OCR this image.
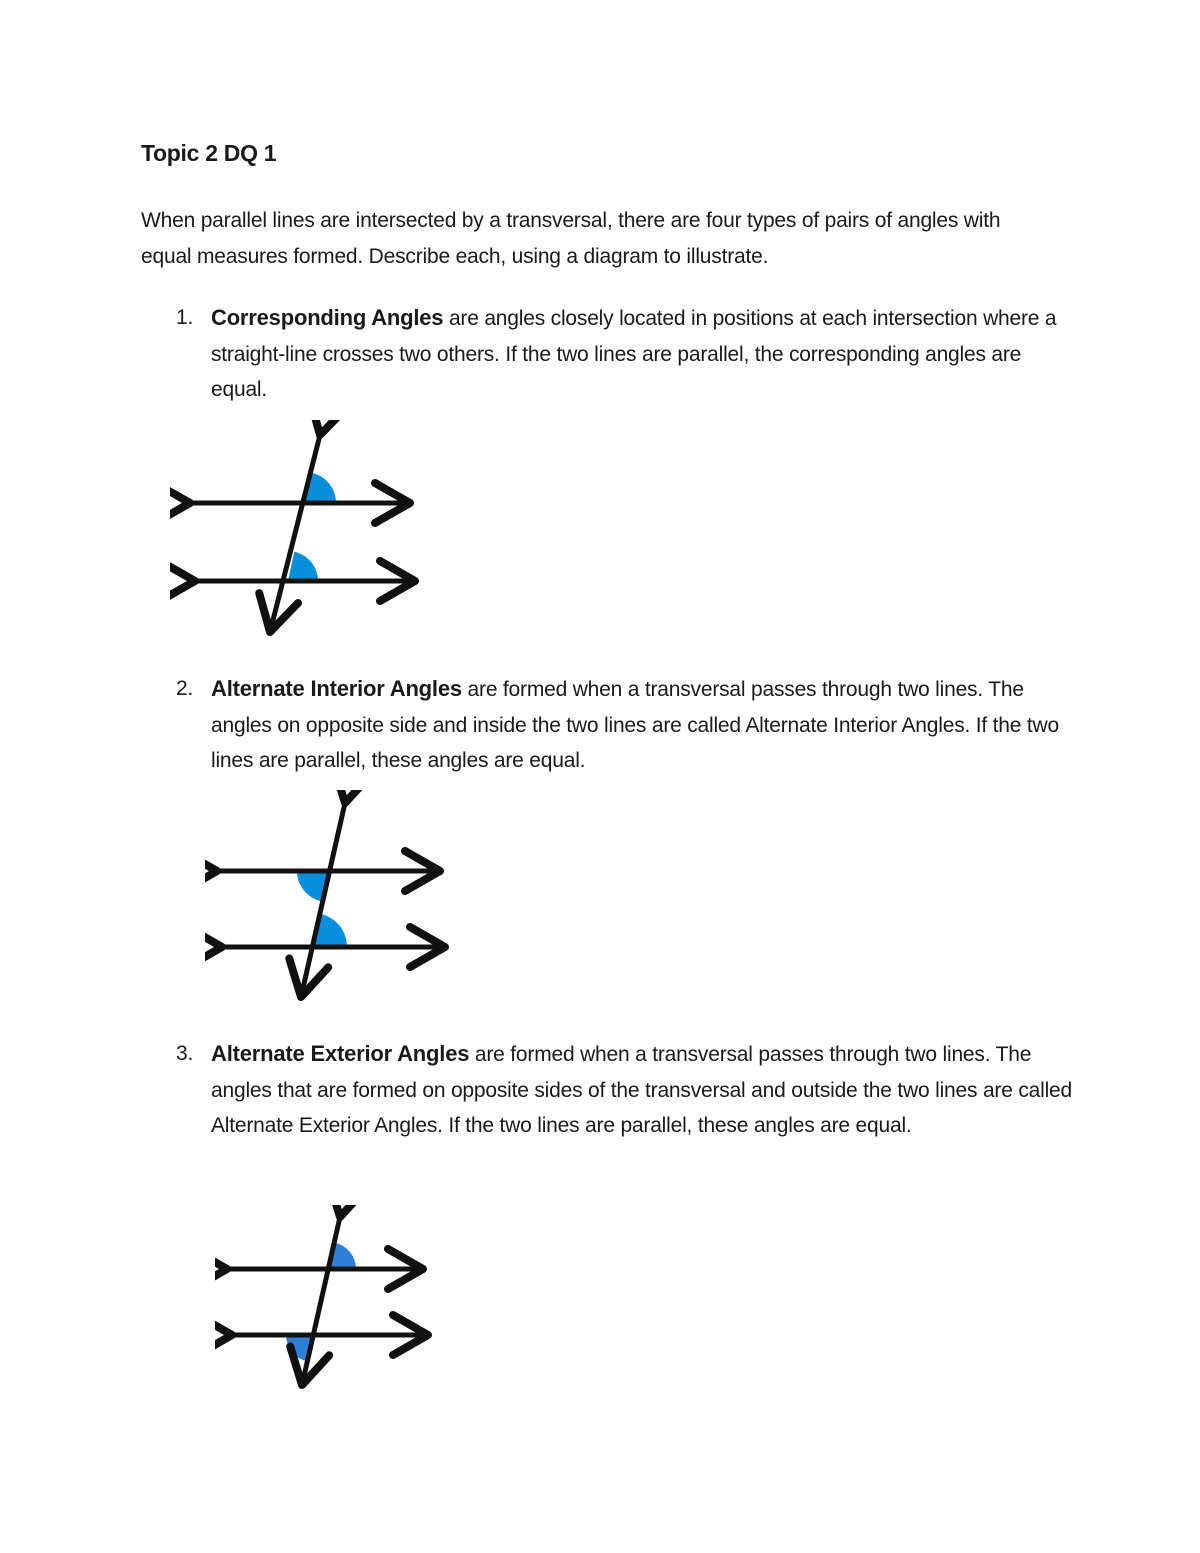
Topic 2 DQ 1

When parallel lines are intersected by a transversal, there are four types of pairs of angles with equal measures formed. Describe each, using a diagram to illustrate.

1. Corresponding Angles are angles closely located in positions at each intersection where a straight-line crosses two others. If the two lines are parallel, the corresponding angles are equal.

2. Alternate Interior Angles are formed when a transversal passes through two lines. The angles on opposite side and inside the two lines are called Alternate Interior Angles. If the two lines are parallel, these angles are equal.

3. Alternate Exterior Angles are formed when a transversal passes through two lines. The angles that are formed on opposite sides of the transversal and outside the two lines are called Alternate Exterior Angles. If the two lines are parallel, these angles are equal.
